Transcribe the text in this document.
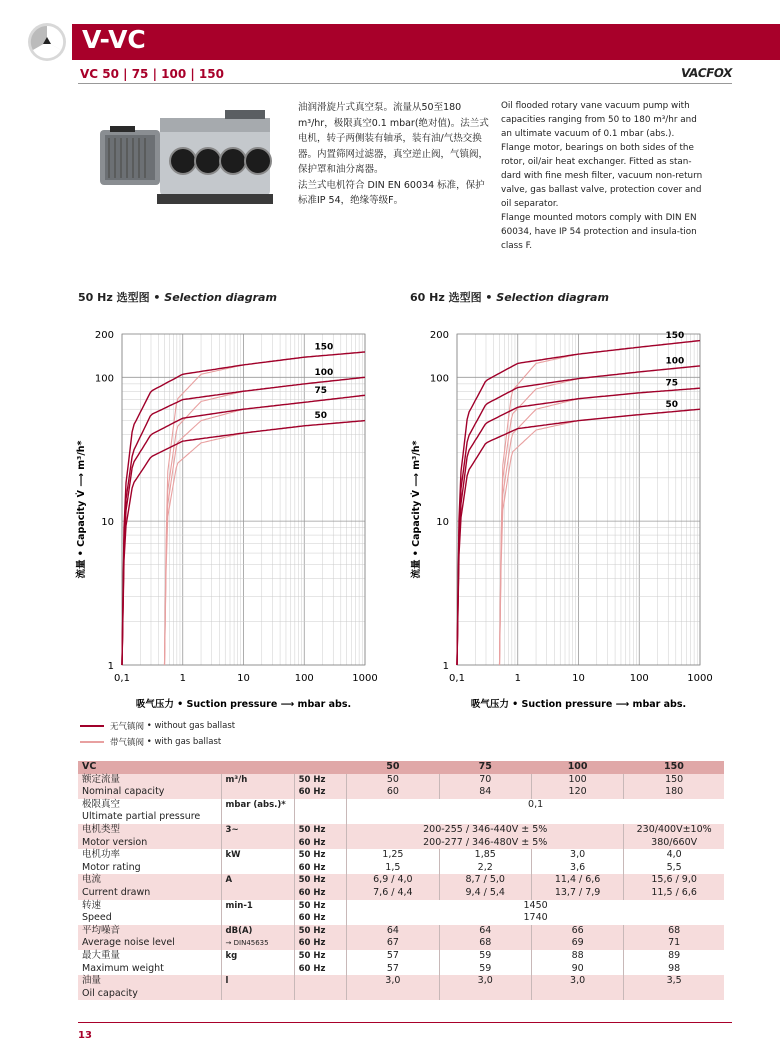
V-VC
VC 50 | 75 | 100 | 150	VACFOX
油润滑旋片式真空泵。流量从50至180 m³/hr，极限真空0.1 mbar(绝对值)。法兰式电机，转子两侧装有轴承，装有油/气热交换器。内置筛网过滤器，真空逆止阀，气镇阀，保护罩和油分离器。
法兰式电机符合 DIN EN 60034 标准，保护标准IP 54，绝缘等级F。
Oil flooded rotary vane vacuum pump with capacities ranging from 50 to 180 m³/hr and an ultimate vacuum of 0.1 mbar (abs.). Flange motor, bearings on both sides of the rotor, oil/air heat exchanger. Fitted as stan-dard with fine mesh filter, vacuum non-return valve, gas ballast valve, protection cover and oil separator.
Flange mounted motors comply with DIN EN 60034, have IP 54 protection and insula-tion class F.
50 Hz 选型图 • Selection diagram	60 Hz 选型图 • Selection diagram
0,1	1	10	100	1000
1
10
100
200
流量 • Capacity V̇ ⟶ m³/h*
吸气压力 • Suction pressure ⟶ mbar abs.
150
100
75
50
0,1	1	10	100	1000
1
10
100
200
流量 • Capacity V̇ ⟶ m³/h*
吸气压力 • Suction pressure ⟶ mbar abs.
150
100
75
50
无气镇阀 • without gas ballast
带气镇阀 • with gas ballast
VC			50	75	100	150
额定流量	m³/h	50 Hz	50	70	100	150
Nominal capacity		60 Hz	60	84	120	180
极限真空	mbar (abs.)*		0,1			
Ultimate partial pressure						
电机类型	3~	50 Hz	200-255 / 346-440V ± 5%			230/400V±10%
Motor version		60 Hz	200-277 / 346-480V ± 5%			380/660V
电机功率	kW	50 Hz	1,25	1,85	3,0	4,0
Motor rating		60 Hz	1,5	2,2	3,6	5,5
电流	A	50 Hz	6,9 / 4,0	8,7 / 5,0	11,4 / 6,6	15,6 / 9,0
Current drawn		60 Hz	7,6 / 4,4	9,4 / 5,4	13,7 / 7,9	11,5 / 6,6
转速	min-1	50 Hz	1450			
Speed		60 Hz	1740			
平均噪音	dB(A)	50 Hz	64	64	66	68
Average noise level	→ DIN45635	60 Hz	67	68	69	71
最大重量	kg	50 Hz	57	59	88	89
Maximum weight		60 Hz	57	59	90	98
油量	l		3,0	3,0	3,0	3,5
Oil capacity						
13
